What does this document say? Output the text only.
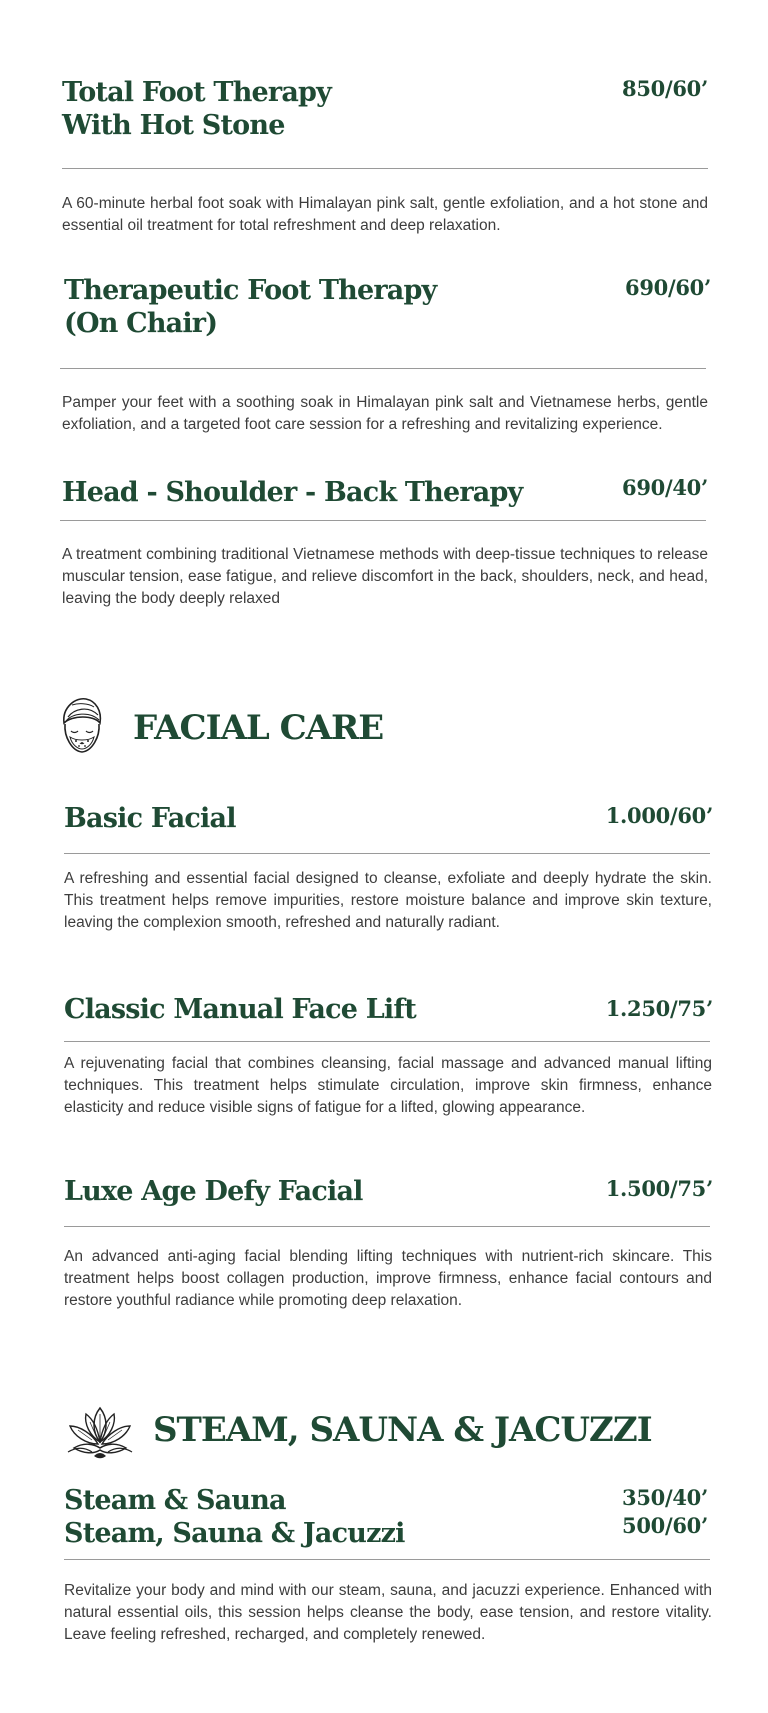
Total Foot Therapy
With Hot Stone
850/60’

A 60-minute herbal foot soak with Himalayan pink salt, gentle exfoliation, and a hot stone and essential oil treatment for total refreshment and deep relaxation.

Therapeutic Foot Therapy
(On Chair)
690/60’

Pamper your feet with a soothing soak in Himalayan pink salt and Vietnamese herbs, gentle exfoliation, and a targeted foot care session for a refreshing and revitalizing experience.

Head - Shoulder - Back Therapy	690/40’

A treatment combining traditional Vietnamese methods with deep-tissue techniques to release muscular tension, ease fatigue, and relieve discomfort in the back, shoulders, neck, and head, leaving the body deeply relaxed

FACIAL CARE
Basic Facial	1.000/60’

A refreshing and essential facial designed to cleanse, exfoliate and deeply hydrate the skin. This treatment helps remove impurities, restore moisture balance and improve skin texture, leaving the complexion smooth, refreshed and naturally radiant.

Classic Manual Face Lift	1.250/75’

A rejuvenating facial that combines cleansing, facial massage and advanced manual lifting techniques. This treatment helps stimulate circulation, improve skin firmness, enhance elasticity and reduce visible signs of fatigue for a lifted, glowing appearance.

Luxe Age Defy Facial	1.500/75’

An advanced anti-aging facial blending lifting techniques with nutrient-rich skincare. This treatment helps boost collagen production, improve firmness, enhance facial contours and restore youthful radiance while promoting deep relaxation.

STEAM, SAUNA & JACUZZI
Steam & Sauna	350/40’
Steam, Sauna & Jacuzzi	500/60’

Revitalize your body and mind with our steam, sauna, and jacuzzi experience. Enhanced with natural essential oils, this session helps cleanse the body, ease tension, and restore vitality. Leave feeling refreshed, recharged, and completely renewed.
